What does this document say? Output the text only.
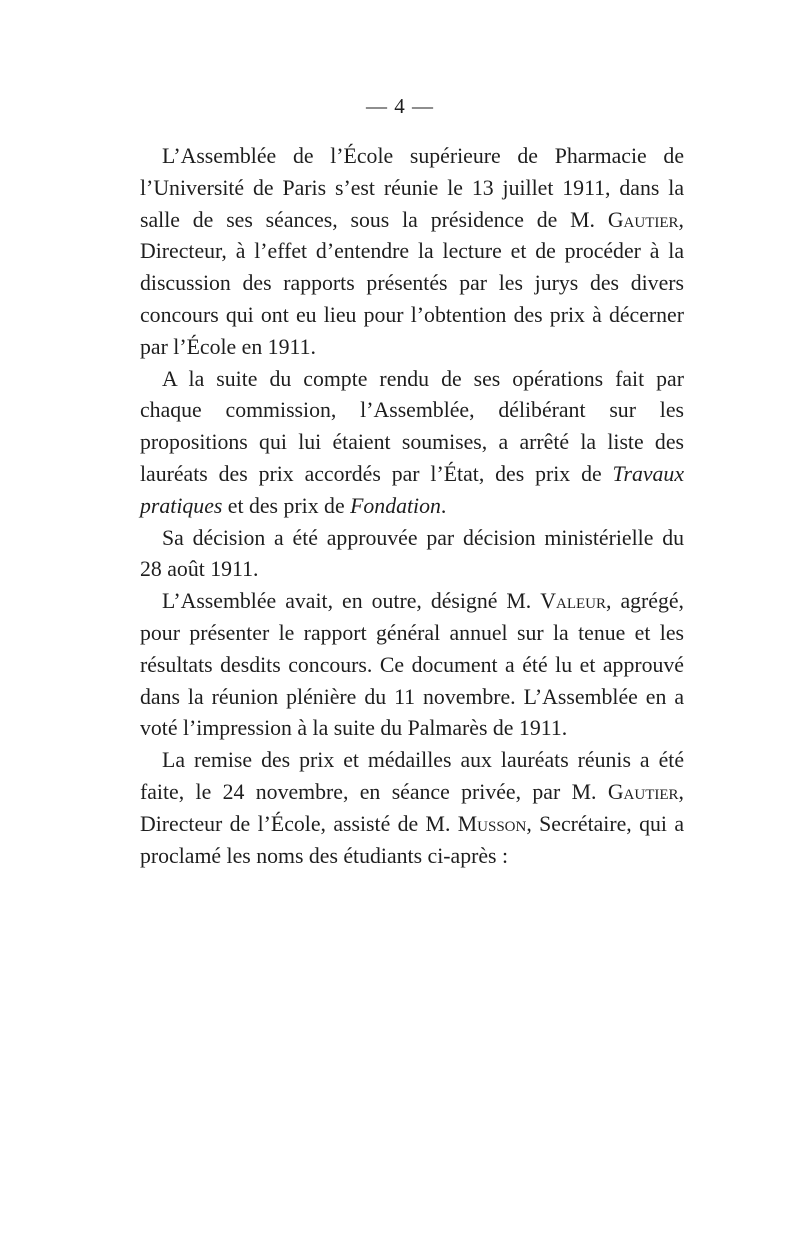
— 4 —

L’Assemblée de l’École supérieure de Pharmacie de l’Université de Paris s’est réunie le 13 juillet 1911, dans la salle de ses séances, sous la présidence de M. Gautier, Directeur, à l’effet d’entendre la lecture et de procéder à la discussion des rapports présentés par les jurys des divers concours qui ont eu lieu pour l’obtention des prix à décerner par l’École en 1911.

A la suite du compte rendu de ses opérations fait par chaque commission, l’Assemblée, délibérant sur les propositions qui lui étaient soumises, a arrêté la liste des lauréats des prix accordés par l’État, des prix de Travaux pratiques et des prix de Fondation.

Sa décision a été approuvée par décision ministérielle du 28 août 1911.

L’Assemblée avait, en outre, désigné M. Valeur, agrégé, pour présenter le rapport général annuel sur la tenue et les résultats desdits concours. Ce document a été lu et approuvé dans la réunion plénière du 11 novembre. L’Assemblée en a voté l’impression à la suite du Palmarès de 1911.

La remise des prix et médailles aux lauréats réunis a été faite, le 24 novembre, en séance privée, par M. Gautier, Directeur de l’École, assisté de M. Musson, Secrétaire, qui a proclamé les noms des étudiants ci-après :
